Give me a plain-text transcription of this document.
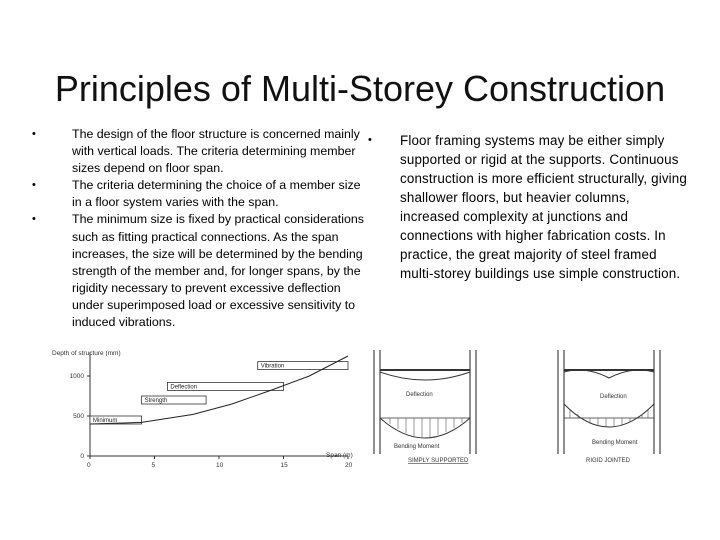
Principles of Multi-Storey Construction
•	The design of the floor structure is concerned mainly with vertical loads. The criteria determining member sizes depend on floor span.
•	The criteria determining the choice of a member size in a floor system varies with the span.
•	The minimum size is fixed by practical considerations such as fitting practical connections. As the span increases, the size will be determined by the bending strength of the member and, for longer spans, by the rigidity necessary to prevent excessive deflection under superimposed load or excessive sensitivity to induced vibrations.
• Floor framing systems may be either simply supported or rigid at the supports. Continuous construction is more efficient structurally, giving shallower floors, but heavier columns, increased complexity at junctions and connections with higher fabrication costs. In practice, the great majority of steel framed multi-storey buildings use simple construction.
Depth of structure (mm)
0	5	10	15	20
0
500
1000
Minimum
Strength
Deflection
Vibration
Span (m)
Deflection
Bending Moment
SIMPLY SUPPORTED
Deflection
Bending Moment
RIGID JOINTED
